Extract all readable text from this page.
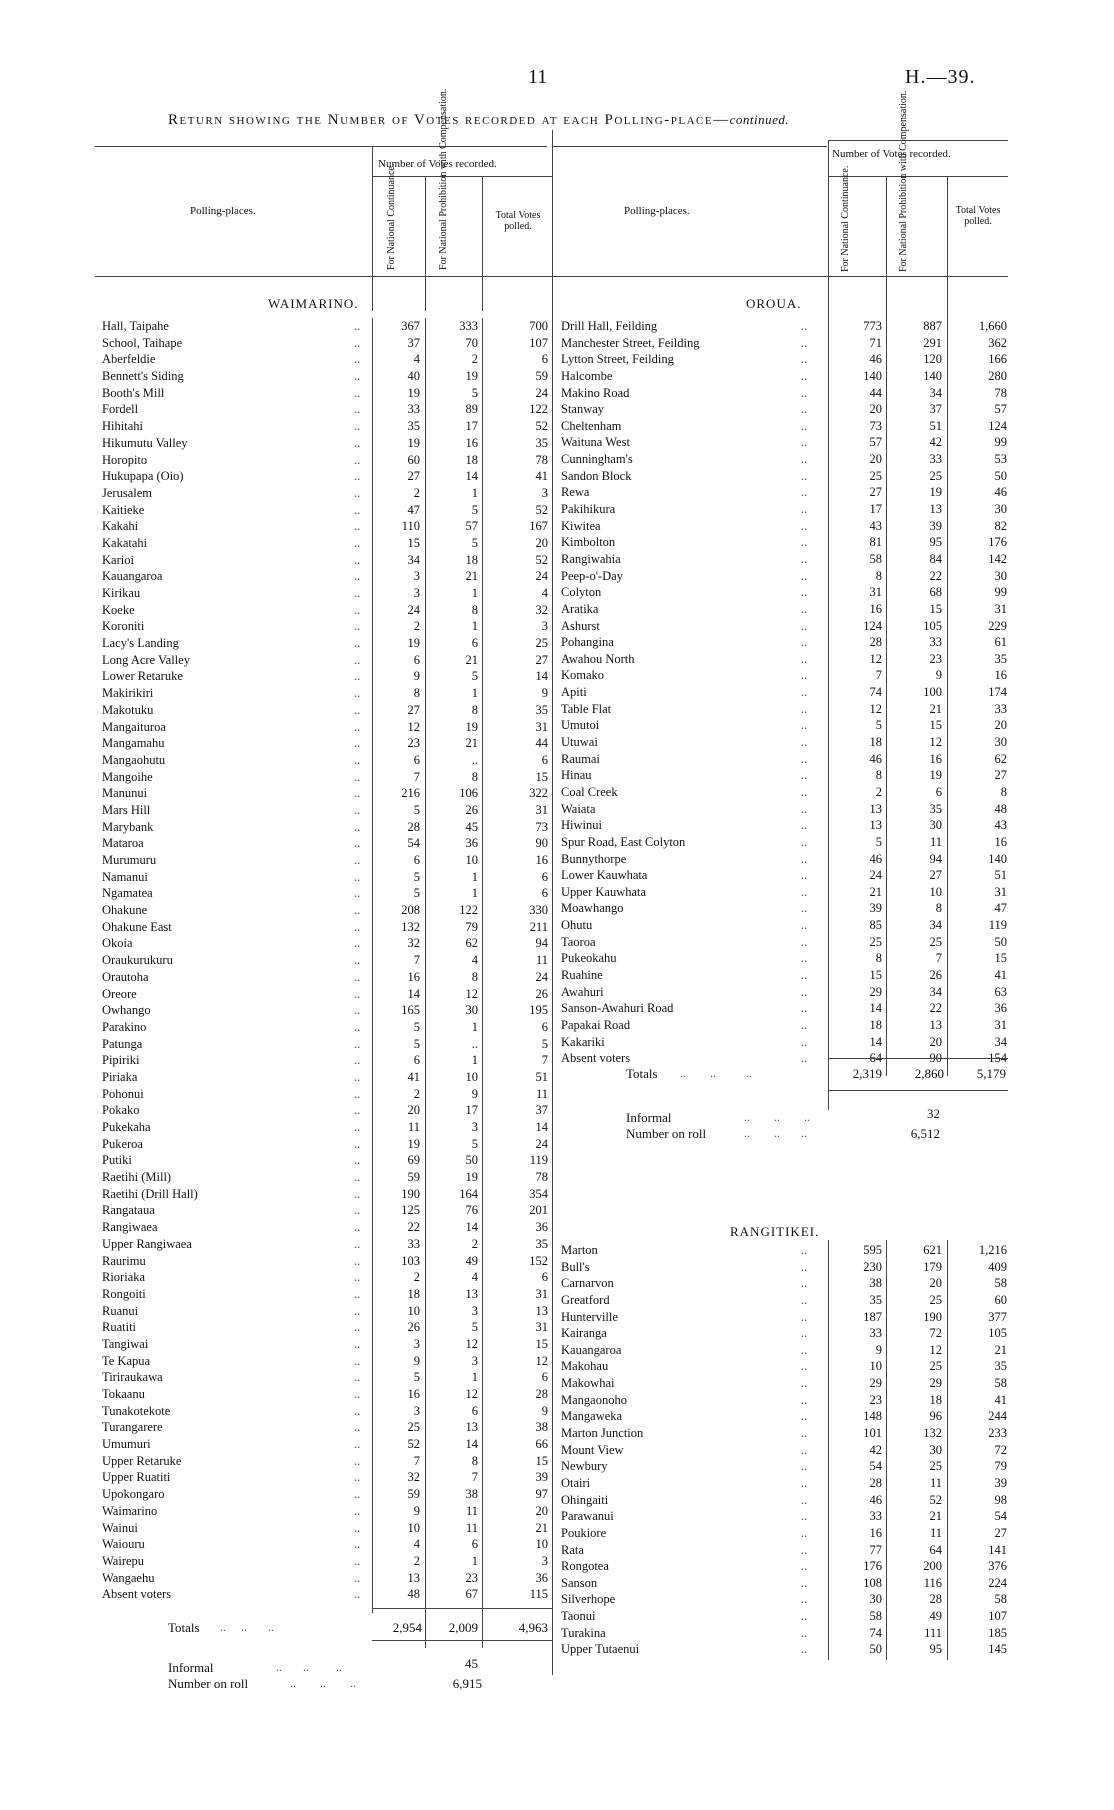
11	H.—39.
Return showing the Number of Votes recorded at each Polling-place—continued.
Number of Votes recorded.
Polling-places.	For National Continuance.	For National Prohibition with Compensation.	Total Votes polled.
Number of Votes recorded.
Polling-places.	For National Continuance.	For National Prohibition with Compensation.	Total Votes polled.
WAIMARINO.
Hall, Taipahe	..	367	333	700
School, Taihape	..	37	70	107
Aberfeldie	..	4	2	6
Bennett's Siding	..	40	19	59
Booth's Mill	..	19	5	24
Fordell	..	33	89	122
Hihitahi	..	35	17	52
Hikumutu Valley	..	19	16	35
Horopito	..	60	18	78
Hukupapa (Oio)	..	27	14	41
Jerusalem	..	2	1	3
Kaitieke	..	47	5	52
Kakahi	..	110	57	167
Kakatahi	..	15	5	20
Karioi	..	34	18	52
Kauangaroa	..	3	21	24
Kirikau	..	3	1	4
Koeke	..	24	8	32
Koroniti	..	2	1	3
Lacy's Landing	..	19	6	25
Long Acre Valley	..	6	21	27
Lower Retaruke	..	9	5	14
Makirikiri	..	8	1	9
Makotuku	..	27	8	35
Mangaituroa	..	12	19	31
Mangamahu	..	23	21	44
Mangaohutu	..	6	..	6
Mangoihe	..	7	8	15
Manunui	..	216	106	322
Mars Hill	..	5	26	31
Marybank	..	28	45	73
Mataroa	..	54	36	90
Murumuru	..	6	10	16
Namanui	..	5	1	6
Ngamatea	..	5	1	6
Ohakune	..	208	122	330
Ohakune East	..	132	79	211
Okoia	..	32	62	94
Oraukurukuru	..	7	4	11
Orautoha	..	16	8	24
Oreore	..	14	12	26
Owhango	..	165	30	195
Parakino	..	5	1	6
Patunga	..	5	..	5
Pipiriki	..	6	1	7
Piriaka	..	41	10	51
Pohonui	..	2	9	11
Pokako	..	20	17	37
Pukekaha	..	11	3	14
Pukeroa	..	19	5	24
Putiki	..	69	50	119
Raetihi (Mill)	..	59	19	78
Raetihi (Drill Hall)	..	190	164	354
Rangataua	..	125	76	201
Rangiwaea	..	22	14	36
Upper Rangiwaea	..	33	2	35
Raurimu	..	103	49	152
Rioriaka	..	2	4	6
Rongoiti	..	18	13	31
Ruanui	..	10	3	13
Ruatiti	..	26	5	31
Tangiwai	..	3	12	15
Te Kapua	..	9	3	12
Tiriraukawa	..	5	1	6
Tokaanu	..	16	12	28
Tunakotekote	..	3	6	9
Turangarere	..	25	13	38
Umumuri	..	52	14	66
Upper Retaruke	..	7	8	15
Upper Ruatiti	..	32	7	39
Upokongaro	..	59	38	97
Waimarino	..	9	11	20
Wainui	..	10	11	21
Waiouru	..	4	6	10
Wairepu	..	2	1	3
Wangaehu	..	13	23	36
Absent voters	..	48	67	115
Totals ..     ..       ..	2,954	2,009	4,963
Informal	..       ..         ..	45
Number on roll	..        ..        ..	6,915
OROUA.
Drill Hall, Feilding	..	773	887	1,660
Manchester Street, Feilding	..	71	291	362
Lytton Street, Feilding	..	46	120	166
Halcombe	..	140	140	280
Makino Road	..	44	34	78
Stanway	..	20	37	57
Cheltenham	..	73	51	124
Waituna West	..	57	42	99
Cunningham's	..	20	33	53
Sandon Block	..	25	25	50
Rewa	..	27	19	46
Pakihikura	..	17	13	30
Kiwitea	..	43	39	82
Kimbolton	..	81	95	176
Rangiwahia	..	58	84	142
Peep-o'-Day	..	8	22	30
Colyton	..	31	68	99
Aratika	..	16	15	31
Ashurst	..	124	105	229
Pohangina	..	28	33	61
Awahou North	..	12	23	35
Komako	..	7	9	16
Apiti	..	74	100	174
Table Flat	..	12	21	33
Umutoi	..	5	15	20
Utuwai	..	18	12	30
Raumai	..	46	16	62
Hinau	..	8	19	27
Coal Creek	..	2	6	8
Waiata	..	13	35	48
Hiwinui	..	13	30	43
Spur Road, East Colyton	..	5	11	16
Bunnythorpe	..	46	94	140
Lower Kauwhata	..	24	27	51
Upper Kauwhata	..	21	10	31
Moawhango	..	39	8	47
Ohutu	..	85	34	119
Taoroa	..	25	25	50
Pukeokahu	..	8	7	15
Ruahine	..	15	26	41
Awahuri	..	29	34	63
Sanson-Awahuri Road	..	14	22	36
Papakai Road	..	18	13	31
Kakariki	..	14	20	34
Absent voters	..	64	90	154
Totals ..        ..          ..	2,319	2,860	5,179
Informal	..        ..        ..	32
Number on roll	..        ..       ..	6,512
RANGITIKEI.
Marton	..	595	621	1,216
Bull's	..	230	179	409
Carnarvon	..	38	20	58
Greatford	..	35	25	60
Hunterville	..	187	190	377
Kairanga	..	33	72	105
Kauangaroa	..	9	12	21
Makohau	..	10	25	35
Makowhai	..	29	29	58
Mangaonoho	..	23	18	41
Mangaweka	..	148	96	244
Marton Junction	..	101	132	233
Mount View	..	42	30	72
Newbury	..	54	25	79
Otairi	..	28	11	39
Ohingaiti	..	46	52	98
Parawanui	..	33	21	54
Poukiore	..	16	11	27
Rata	..	77	64	141
Rongotea	..	176	200	376
Sanson	..	108	116	224
Silverhope	..	30	28	58
Taonui	..	58	49	107
Turakina	..	74	111	185
Upper Tutaenui	..	50	95	145
